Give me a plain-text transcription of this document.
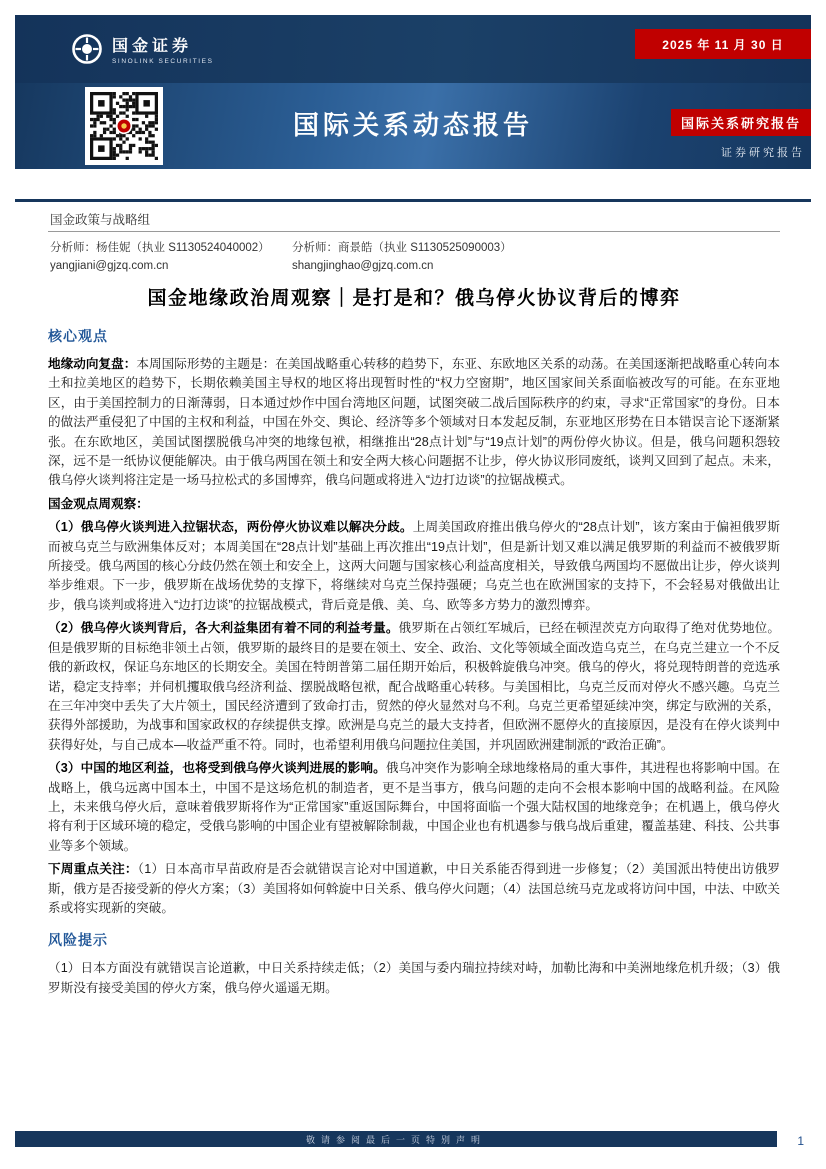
国金证券
SINOLINK SECURITIES
2025 年 11 月 30 日
国际关系动态报告	国际关系研究报告
证券研究报告
国金政策与战略组
分析师：杨佳妮（执业 S1130524040002）
yangjiani@gjzq.com.cn
分析师：商景皓（执业 S1130525090003）
shangjinghao@gjzq.com.cn
国金地缘政治周观察｜是打是和？俄乌停火协议背后的博弈
核心观点

地缘动向复盘：本周国际形势的主题是：在美国战略重心转移的趋势下，东亚、东欧地区关系的动荡。在美国逐渐把战略重心转向本土和拉美地区的趋势下，长期依赖美国主导权的地区将出现暂时性的“权力空窗期”，地区国家间关系面临被改写的可能。在东亚地区，由于美国控制力的日渐薄弱，日本通过炒作中国台湾地区问题，试图突破二战后国际秩序的约束，寻求“正常国家”的身份。日本的做法严重侵犯了中国的主权和利益，中国在外交、舆论、经济等多个领域对日本发起反制，东亚地区形势在日本错误言论下逐渐紧张。在东欧地区，美国试图摆脱俄乌冲突的地缘包袱，相继推出“28点计划”与“19点计划”的两份停火协议。但是，俄乌问题积怨较深，远不是一纸协议便能解决。由于俄乌两国在领土和安全两大核心问题据不让步，停火协议形同废纸，谈判又回到了起点。未来，俄乌停火谈判将注定是一场马拉松式的多国博弈，俄乌问题或将进入“边打边谈”的拉锯战模式。

国金观点周观察：

（1）俄乌停火谈判进入拉锯状态，两份停火协议难以解决分歧。上周美国政府推出俄乌停火的“28点计划”，该方案由于偏袒俄罗斯而被乌克兰与欧洲集体反对；本周美国在“28点计划”基础上再次推出“19点计划”，但是新计划又难以满足俄罗斯的利益而不被俄罗斯所接受。俄乌两国的核心分歧仍然在领土和安全上，这两大问题与国家核心利益高度相关，导致俄乌两国均不愿做出让步，停火谈判举步维艰。下一步，俄罗斯在战场优势的支撑下，将继续对乌克兰保持强硬；乌克兰也在欧洲国家的支持下，不会轻易对俄做出让步，俄乌谈判或将进入“边打边谈”的拉锯战模式，背后竟是俄、美、乌、欧等多方势力的激烈博弈。

（2）俄乌停火谈判背后，各大利益集团有着不同的利益考量。俄罗斯在占领红军城后，已经在顿涅茨克方向取得了绝对优势地位。但是俄罗斯的目标绝非领土占领，俄罗斯的最终目的是要在领土、安全、政治、文化等领域全面改造乌克兰，在乌克兰建立一个不反俄的新政权，保证乌东地区的长期安全。美国在特朗普第二届任期开始后，积极斡旋俄乌冲突。俄乌的停火，将兑现特朗普的竞选承诺，稳定支持率；并伺机攫取俄乌经济利益、摆脱战略包袱，配合战略重心转移。与美国相比，乌克兰反而对停火不感兴趣。乌克兰在三年冲突中丢失了大片领土，国民经济遭到了致命打击，贸然的停火显然对乌不利。乌克兰更希望延续冲突，绑定与欧洲的关系，获得外部援助，为战事和国家政权的存续提供支撑。欧洲是乌克兰的最大支持者，但欧洲不愿停火的直接原因，是没有在停火谈判中获得好处，与自己成本—收益严重不符。同时，也希望利用俄乌问题拉住美国，并巩固欧洲建制派的“政治正确”。

（3）中国的地区利益，也将受到俄乌停火谈判进展的影响。俄乌冲突作为影响全球地缘格局的重大事件，其进程也将影响中国。在战略上，俄乌远离中国本土，中国不是这场危机的制造者，更不是当事方，俄乌问题的走向不会根本影响中国的战略利益。在风险上，未来俄乌停火后，意味着俄罗斯将作为“正常国家”重返国际舞台，中国将面临一个强大陆权国的地缘竞争；在机遇上，俄乌停火将有利于区域环境的稳定，受俄乌影响的中国企业有望被解除制裁，中国企业也有机遇参与俄乌战后重建，覆盖基建、科技、公共事业等多个领域。

下周重点关注：（1）日本高市早苗政府是否会就错误言论对中国道歉，中日关系能否得到进一步修复；（2）美国派出特使出访俄罗斯，俄方是否接受新的停火方案；（3）美国将如何斡旋中日关系、俄乌停火问题；（4）法国总统马克龙或将访问中国，中法、中欧关系或将实现新的突破。

风险提示

（1）日本方面没有就错误言论道歉，中日关系持续走低；（2）美国与委内瑞拉持续对峙，加勒比海和中美洲地缘危机升级；（3）俄罗斯没有接受美国的停火方案，俄乌停火遥遥无期。

敬请参阅最后一页特别声明	1
